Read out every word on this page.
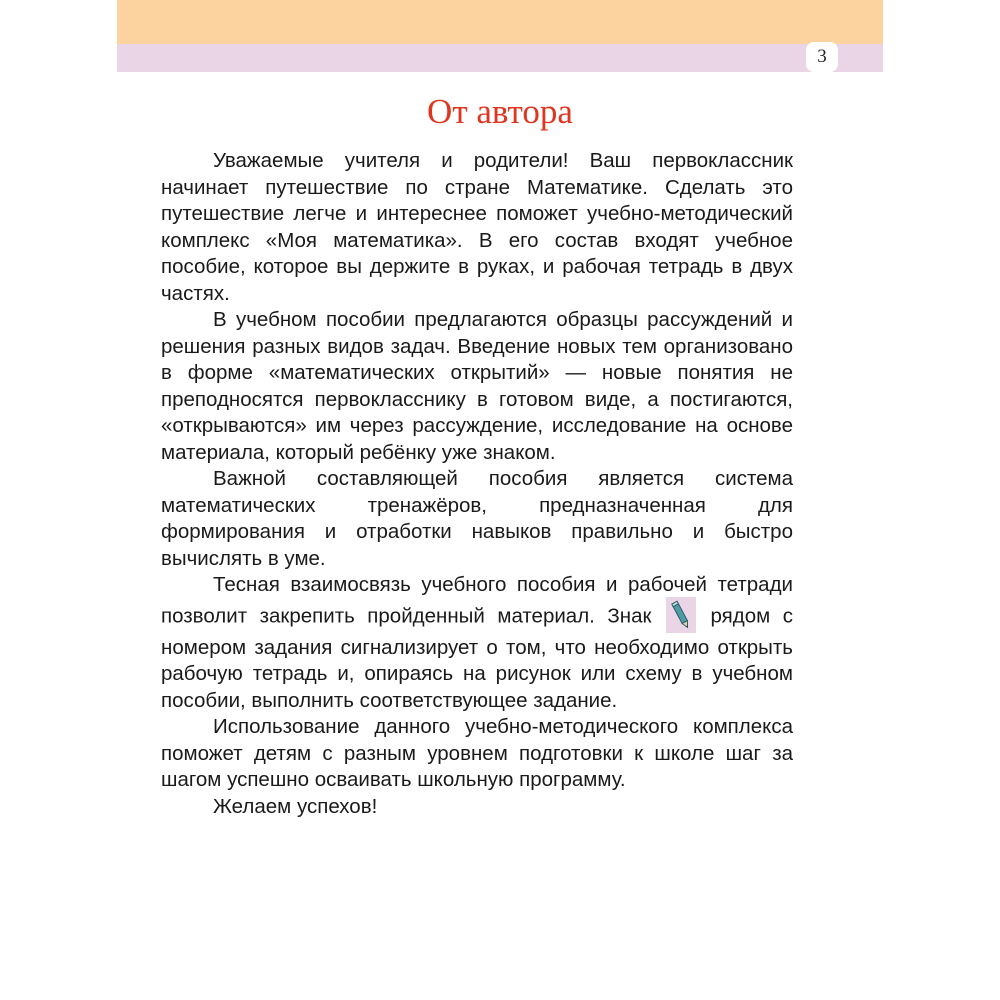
3
От автора

Уважаемые учителя и родители! Ваш первоклассник начинает путешествие по стране Математике. Сделать это путешествие легче и интереснее поможет учебно-методический комплекс «Моя математика». В его состав входят учебное пособие, которое вы держите в руках, и рабочая тетрадь в двух частях.

В учебном пособии предлагаются образцы рассуждений и решения разных видов задач. Введение новых тем организовано в форме «математических открытий» — новые понятия не преподносятся первокласснику в готовом виде, а постигаются, «открываются» им через рассуждение, исследование на основе материала, который ребёнку уже знаком.

Важной составляющей пособия является система математических тренажёров, предназначенная для формирования и отработки навыков правильно и быстро вычислять в уме.

Тесная взаимосвязь учебного пособия и рабочей тетради позволит закрепить пройденный материал. Знак	рядом с номером задания сигнализирует о том, что необходимо открыть рабочую тетрадь и, опираясь на рисунок или схему в учебном пособии, выполнить соответствующее задание.

Использование данного учебно-методического комплекса поможет детям с разным уровнем подготовки к школе шаг за шагом успешно осваивать школьную программу.

Желаем успехов!
